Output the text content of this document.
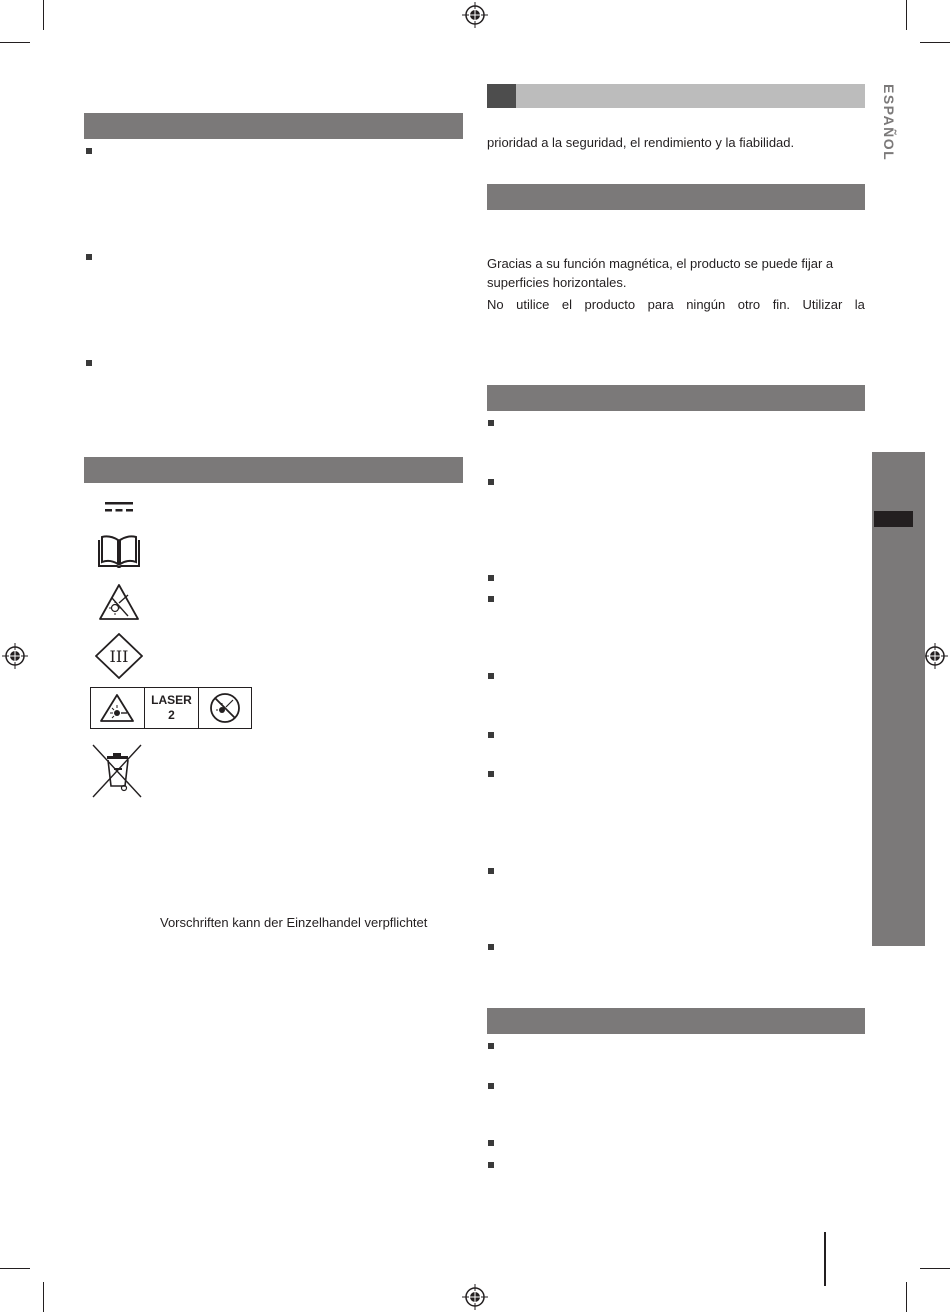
ESPAÑOL
III
LASER
2
Vorschriften kann der Einzelhandel verpflichtet
prioridad a la seguridad, el rendimiento y la fiabilidad.
Gracias a su función magnética, el producto se puede fijar a
superficies horizontales.
No utilice el producto para ningún otro fin. Utilizar la
